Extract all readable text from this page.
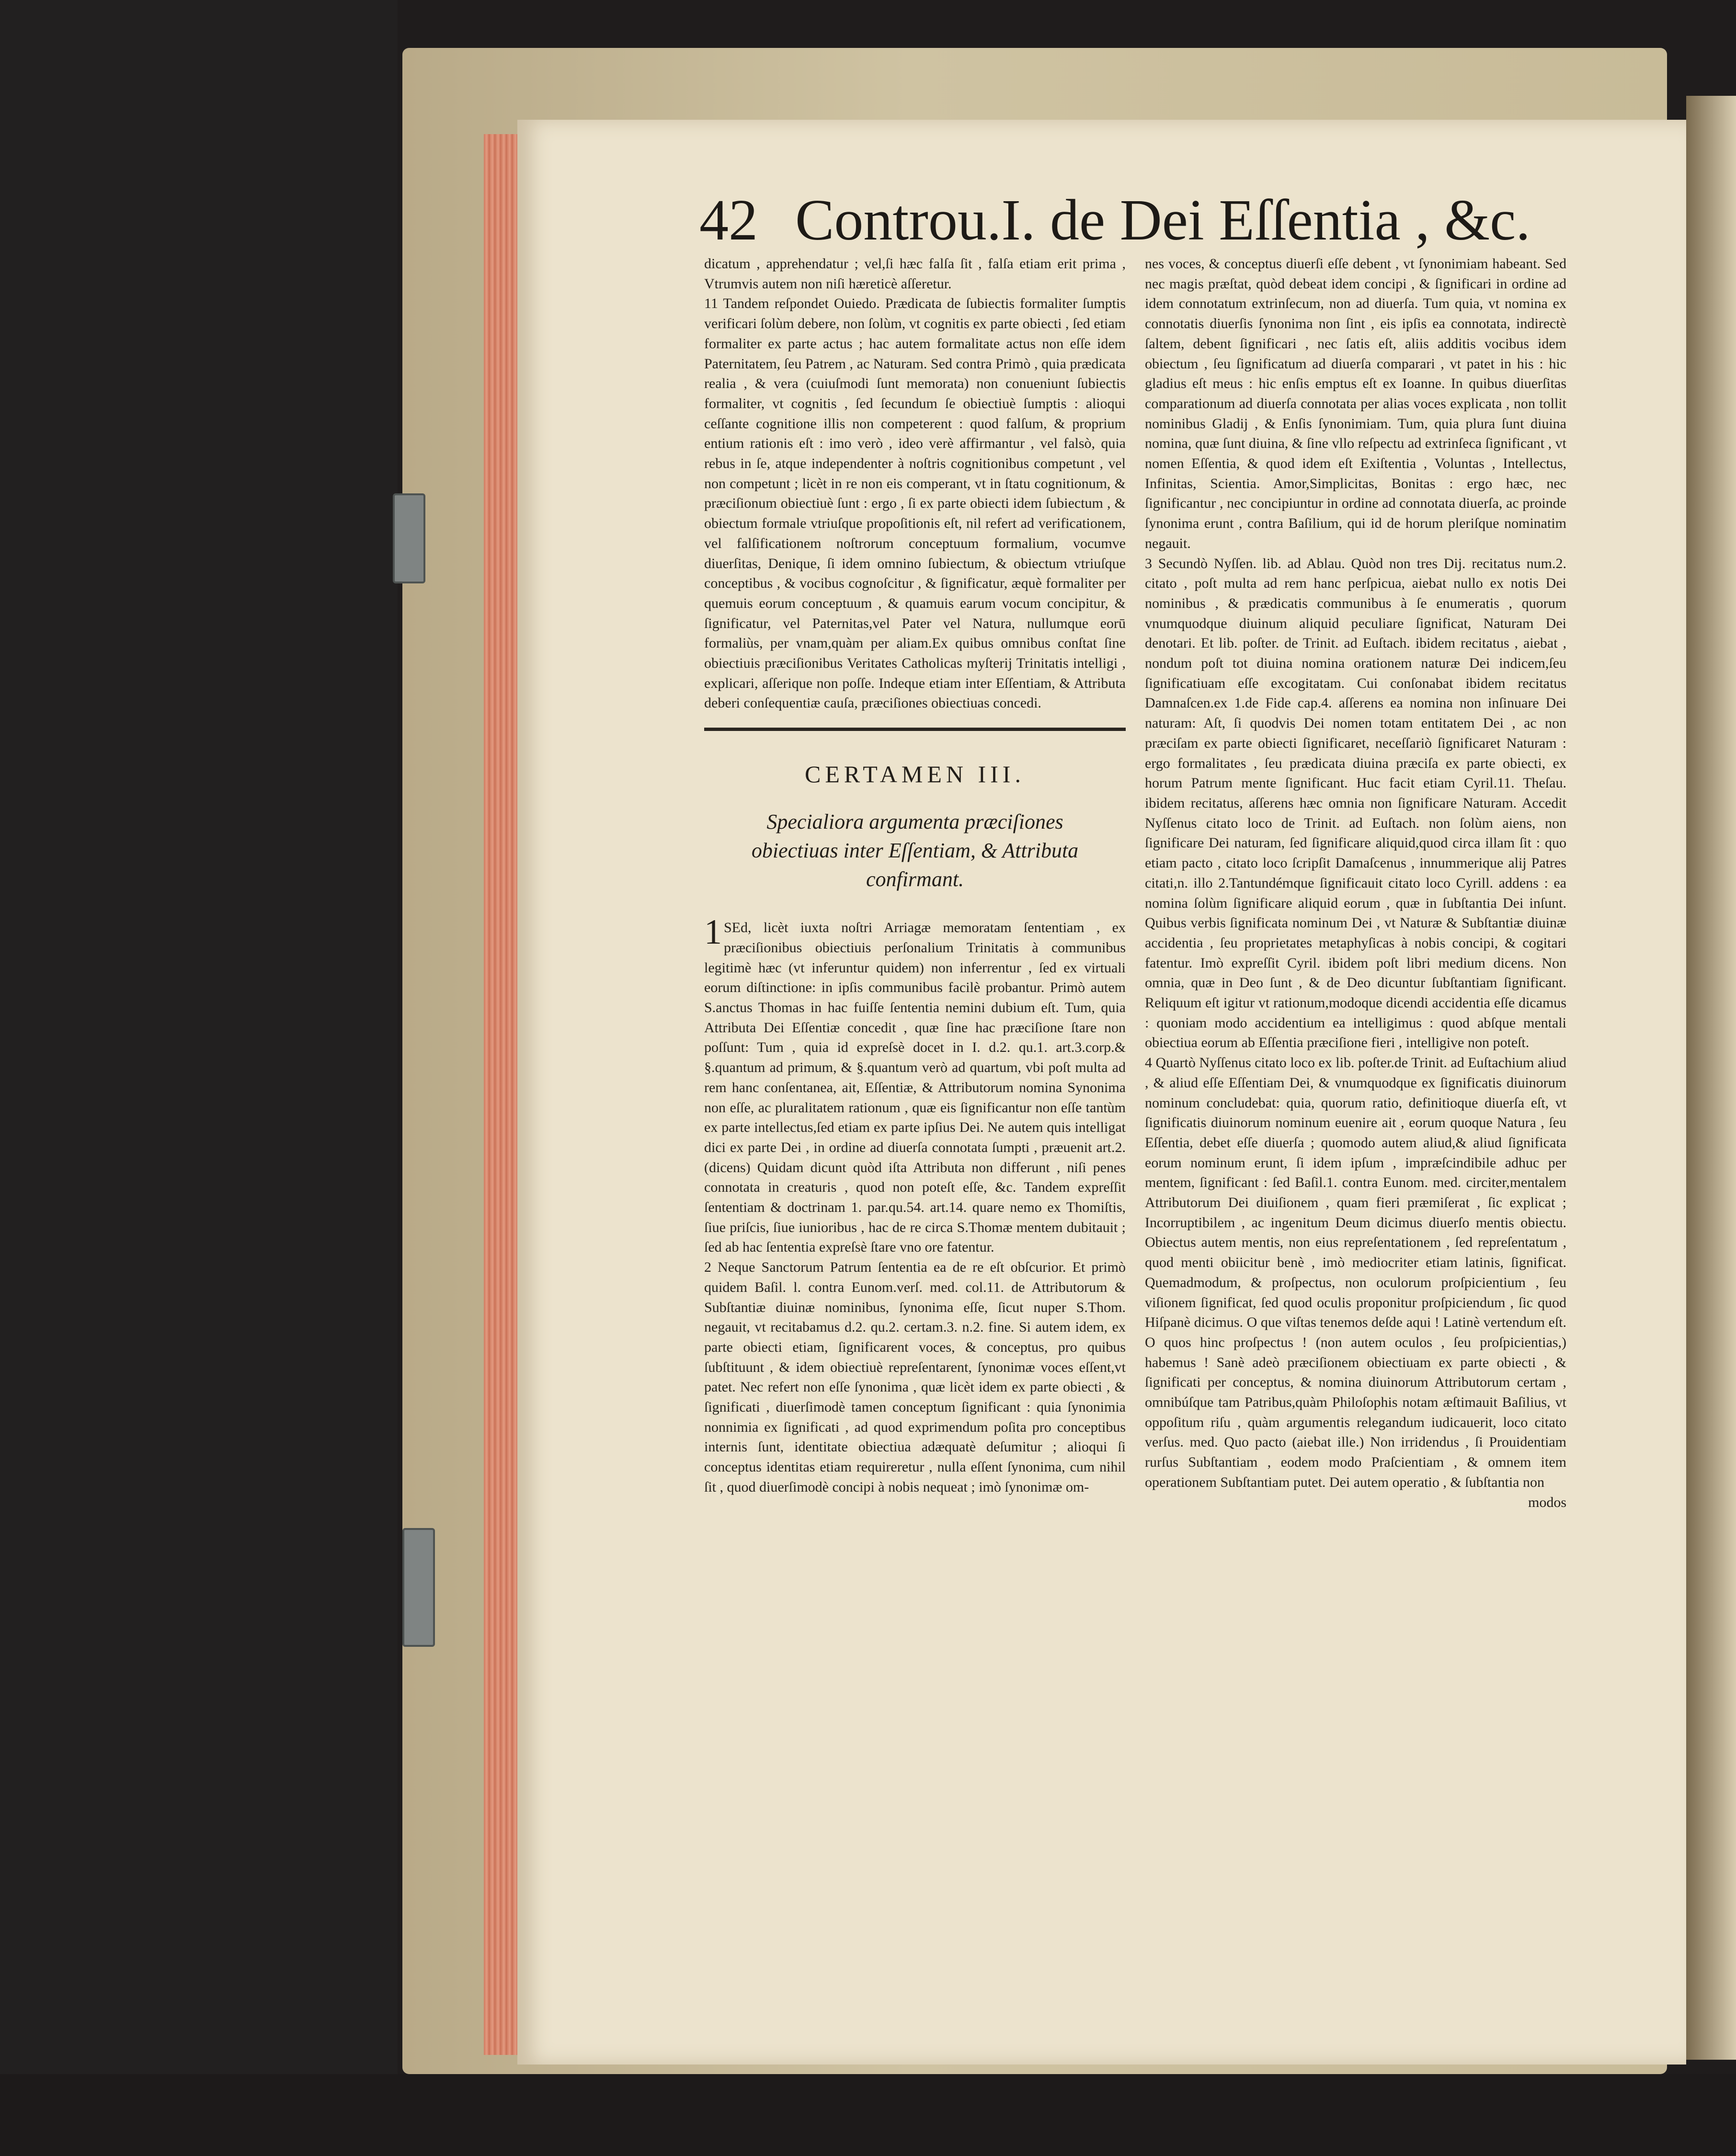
42 Controu.I. de Dei Eſſentia , &c.
dicatum , apprehendatur ; vel,ſi hæc falſa ſit , falſa etiam erit prima , Vtrumvis autem non niſi hæreticè aſſeretur.
11 Tandem reſpondet Ouiedo. Prædicata de ſubiectis formaliter ſumptis verificari ſolùm debere, non ſolùm, vt cognitis ex parte obiecti , ſed etiam formaliter ex parte actus ; hac autem formalitate actus non eſſe idem Paternitatem, ſeu Patrem , ac Naturam. Sed contra Primò , quia prædicata realia , & vera (cuiuſmodi ſunt memorata) non conueniunt ſubiectis formaliter, vt cognitis , ſed ſecundum ſe obiectiuè ſumptis : alioqui ceſſante cognitione illis non competerent : quod falſum, & proprium entium rationis eſt : imo verò , ideo verè affirmantur , vel falsò, quia rebus in ſe, atque independenter à noſtris cognitionibus competunt , vel non competunt ; licèt in re non eis comperant, vt in ſtatu cognitionum, & præciſionum obiectiuè ſunt : ergo , ſi ex parte obiecti idem ſubiectum , & obiectum formale vtriuſque propoſitionis eſt, nil refert ad verificationem, vel falſificationem noſtrorum conceptuum formalium, vocumve diuerſitas, Denique, ſi idem omnino ſubiectum, & obiectum vtriuſque conceptibus , & vocibus cognoſcitur , & ſignificatur, æquè formaliter per quemuis eorum conceptuum , & quamuis earum vocum concipitur, & ſignificatur, vel Paternitas,vel Pater vel Natura, nullumque eorū formaliùs, per vnam,quàm per aliam.Ex quibus omnibus conſtat ſine obiectiuis præciſionibus Veritates Catholicas myſterij Trinitatis intelligi , explicari, aſſerique non poſſe. Indeque etiam inter Eſſentiam, & Attributa deberi conſequentiæ cauſa, præciſiones obiectiuas concedi.
CERTAMEN III.
Specialiora argumenta præciſiones obiectiuas inter Eſſentiam, & Attributa confirmant.
1SEd, licèt iuxta noſtri Arriagæ memoratam ſententiam , ex præciſionibus obiectiuis perſonalium Trinitatis à communibus legitimè hæc (vt inferuntur quidem) non inferrentur , ſed ex virtuali eorum diſtinctione: in ipſis communibus facilè probantur. Primò autem S.anctus Thomas in hac fuiſſe ſententia nemini dubium eſt. Tum, quia Attributa Dei Eſſentiæ concedit , quæ ſine hac præciſione ſtare non poſſunt: Tum , quia id expreſsè docet in I. d.2. qu.1. art.3.corp.& §.quantum ad primum, & §.quantum verò ad quartum, vbi poſt multa ad rem hanc conſentanea, ait, Eſſentiæ, & Attributorum nomina Synonima non eſſe, ac pluralitatem rationum , quæ eis ſignificantur non eſſe tantùm ex parte intellectus,ſed etiam ex parte ipſius Dei. Ne autem quis intelligat dici ex parte Dei , in ordine ad diuerſa connotata ſumpti , præuenit art.2. (dicens) Quidam dicunt quòd iſta Attributa non differunt , niſi penes connotata in creaturis , quod non poteſt eſſe, &c. Tandem expreſſit ſententiam & doctrinam 1. par.qu.54. art.14. quare nemo ex Thomiſtis, ſiue priſcis, ſiue iunioribus , hac de re circa S.Thomæ mentem dubitauit ; ſed ab hac ſententia expreſsè ſtare vno ore fatentur.
2 Neque Sanctorum Patrum ſententia ea de re eſt obſcurior. Et primò quidem Baſil. l. contra Eunom.verſ. med. col.11. de Attributorum & Subſtantiæ diuinæ nominibus, ſynonima eſſe, ſicut nuper S.Thom. negauit, vt recitabamus d.2. qu.2. certam.3. n.2. fine. Si autem idem, ex parte obiecti etiam, ſignificarent voces, & conceptus, pro quibus ſubſtituunt , & idem obiectiuè repreſentarent, ſynonimæ voces eſſent,vt patet. Nec refert non eſſe ſynonima , quæ licèt idem ex parte obiecti , & ſignificati , diuerſimodè tamen conceptum ſignificant : quia ſynonimia nonnimia ex ſignificati , ad quod exprimendum poſita pro conceptibus internis ſunt, identitate obiectiua adæquatè deſumitur ; alioqui ſi conceptus identitas etiam requireretur , nulla eſſent ſynonima, cum nihil ſit , quod diuerſimodè concipi à nobis nequeat ; imò ſynonimæ om-
nes voces, & conceptus diuerſi eſſe debent , vt ſynonimiam habeant. Sed nec magis præſtat, quòd debeat idem concipi , & ſignificari in ordine ad idem connotatum extrinſecum, non ad diuerſa. Tum quia, vt nomina ex connotatis diuerſis ſynonima non ſint , eis ipſis ea connotata, indirectè ſaltem, debent ſignificari , nec ſatis eſt, aliis additis vocibus idem obiectum , ſeu ſignificatum ad diuerſa comparari , vt patet in his : hic gladius eſt meus : hic enſis emptus eſt ex Ioanne. In quibus diuerſitas comparationum ad diuerſa connotata per alias voces explicata , non tollit nominibus Gladij , & Enſis ſynonimiam. Tum, quia plura ſunt diuina nomina, quæ ſunt diuina, & ſine vllo reſpectu ad extrinſeca ſignificant , vt nomen Eſſentia, & quod idem eſt Exiſtentia , Voluntas , Intellectus, Infinitas, Scientia. Amor,Simplicitas, Bonitas : ergo hæc, nec ſignificantur , nec concipiuntur in ordine ad connotata diuerſa, ac proinde ſynonima erunt , contra Baſilium, qui id de horum pleriſque nominatim negauit.
3 Secundò Nyſſen. lib. ad Ablau. Quòd non tres Dij. recitatus num.2. citato , poſt multa ad rem hanc perſpicua, aiebat nullo ex notis Dei nominibus , & prædicatis communibus à ſe enumeratis , quorum vnumquodque diuinum aliquid peculiare ſignificat, Naturam Dei denotari. Et lib. poſter. de Trinit. ad Euſtach. ibidem recitatus , aiebat , nondum poſt tot diuina nomina orationem naturæ Dei indicem,ſeu ſignificatiuam eſſe excogitatam. Cui conſonabat ibidem recitatus Damnaſcen.ex 1.de Fide cap.4. aſſerens ea nomina non inſinuare Dei naturam: Aſt, ſi quodvis Dei nomen totam entitatem Dei , ac non præciſam ex parte obiecti ſignificaret, neceſſariò ſignificaret Naturam : ergo formalitates , ſeu prædicata diuina præciſa ex parte obiecti, ex horum Patrum mente ſignificant. Huc facit etiam Cyril.11. Theſau. ibidem recitatus, aſſerens hæc omnia non ſignificare Naturam. Accedit Nyſſenus citato loco de Trinit. ad Euſtach. non ſolùm aiens, non ſignificare Dei naturam, ſed ſignificare aliquid,quod circa illam ſit : quo etiam pacto , citato loco ſcripſit Damaſcenus , innummerique alij Patres citati,n. illo 2.Tantundémque ſignificauit citato loco Cyrill. addens : ea nomina ſolùm ſignificare aliquid eorum , quæ in ſubſtantia Dei inſunt. Quibus verbis ſignificata nominum Dei , vt Naturæ & Subſtantiæ diuinæ accidentia , ſeu proprietates metaphyſicas à nobis concipi, & cogitari fatentur. Imò expreſſit Cyril. ibidem poſt libri medium dicens. Non omnia, quæ in Deo ſunt , & de Deo dicuntur ſubſtantiam ſignificant. Reliquum eſt igitur vt rationum,modoque dicendi accidentia eſſe dicamus : quoniam modo accidentium ea intelligimus : quod abſque mentali obiectiua eorum ab Eſſentia præciſione fieri , intelligive non poteſt.
4 Quartò Nyſſenus citato loco ex lib. poſter.de Trinit. ad Euſtachium aliud , & aliud eſſe Eſſentiam Dei, & vnumquodque ex ſignificatis diuinorum nominum concludebat: quia, quorum ratio, definitioque diuerſa eſt, vt ſignificatis diuinorum nominum euenire ait , eorum quoque Natura , ſeu Eſſentia, debet eſſe diuerſa ; quomodo autem aliud,& aliud ſignificata eorum nominum erunt, ſi idem ipſum , impræſcindibile adhuc per mentem, ſignificant : ſed Baſil.1. contra Eunom. med. circiter,mentalem Attributorum Dei diuiſionem , quam fieri præmiſerat , ſic explicat ; Incorruptibilem , ac ingenitum Deum dicimus diuerſo mentis obiectu. Obiectus autem mentis, non eius repreſentationem , ſed repreſentatum , quod menti obiicitur benè , imò mediocriter etiam latinis, ſignificat. Quemadmodum, & proſpectus, non oculorum proſpicientium , ſeu viſionem ſignificat, ſed quod oculis proponitur proſpiciendum , ſic quod Hiſpanè dicimus. O que viſtas tenemos deſde aqui ! Latinè vertendum eſt. O quos hinc proſpectus ! (non autem oculos , ſeu proſpicientias,) habemus ! Sanè adeò præciſionem obiectiuam ex parte obiecti , & ſignificati per conceptus, & nomina diuinorum Attributorum certam , omnibúſque tam Patribus,quàm Philoſophis notam æſtimauit Baſilius, vt oppoſitum riſu , quàm argumentis relegandum iudicauerit, loco citato verſus. med. Quo pacto (aiebat ille.) Non irridendus , ſi Prouidentiam rurſus Subſtantiam , eodem modo Praſcientiam , & omnem item operationem Subſtantiam putet. Dei autem operatio , & ſubſtantia non
modos
